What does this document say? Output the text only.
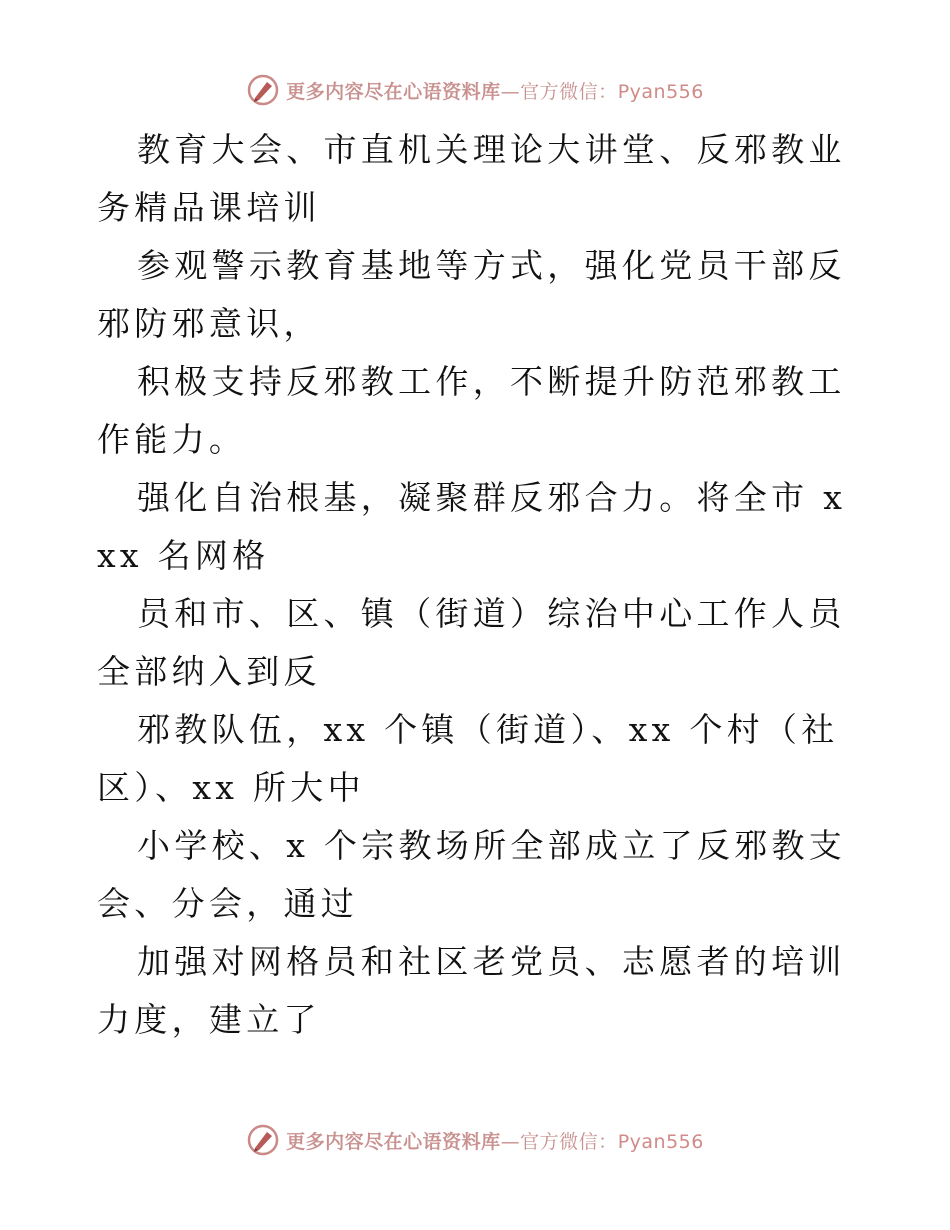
更多内容尽在心语资料库—官方微信：Pyan556

教育大会、市直机关理论大讲堂、反邪教业务精品课培训

参观警示教育基地等方式，强化党员干部反邪防邪意识，

积极支持反邪教工作，不断提升防范邪教工作能力。

强化自治根基，凝聚群反邪合力。将全市 xxx 名网格

员和市、区、镇（街道）综治中心工作人员全部纳入到反

邪教队伍，xx 个镇（街道）、xx 个村（社区）、xx 所大中

小学校、x 个宗教场所全部成立了反邪教支会、分会，通过

加强对网格员和社区老党员、志愿者的培训力度，建立了

更多内容尽在心语资料库—官方微信：Pyan556
